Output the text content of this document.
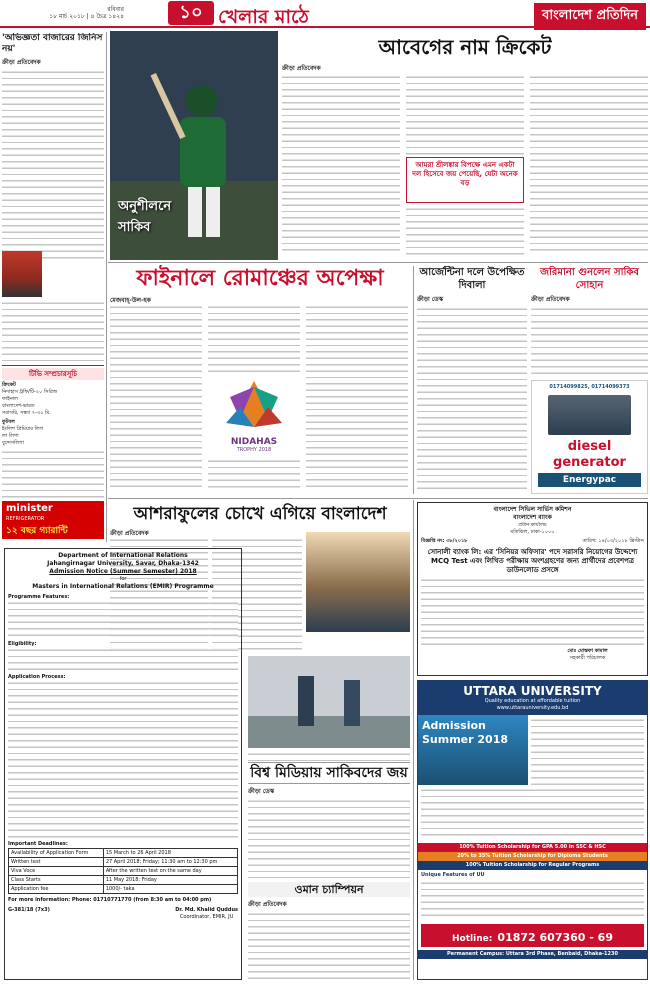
রবিবার
১৮ মার্চ ২০১৮ | ৪ চৈত্র ১৪২৪	১০ খেলার মাঠে	বাংলাদেশ প্রতিদিন
'অভিজ্ঞতা বাজারের জিনিস নয়'
ক্রীড়া প্রতিবেদক
টিভি সম্প্রচারসূচি
ক্রিকেট
নিদাহাস ট্রফি/টি-২০ সিরিজ
ফাইনাল
বাংলাদেশ-ভারত
সরাসরি, সন্ধ্যা ৭-৩০ মি.
ফুটবল
ইংলিশ প্রিমিয়ার লিগ
লা লিগা
বুন্দেসলিগা
minister
REFRIGERATOR
১২ বছর গ্যারান্টি
অনুশীলনে
সাকিব
আবেগের নাম ক্রিকেট
ক্রীড়া প্রতিবেদক
আমরা শ্রীলঙ্কার বিপক্ষে এমন একটা দল হিসেবে জয় পেয়েছি, যেটা অনেক বড়
ফাইনালে রোমাঞ্চের অপেক্ষা
মেজবাহ্-উল-হক
NIDAHAS
TROPHY 2018
আর্জেন্টিনা দলে উপেক্ষিত দিবালা
ক্রীড়া ডেস্ক
জরিমানা গুনলেন সাকিব সোহান
ক্রীড়া প্রতিবেদক
01714099825, 01714099373
diesel generator
Energypac
আশরাফুলের চোখে এগিয়ে বাংলাদেশ
ক্রীড়া প্রতিবেদক
Department of International Relations
Jahangirnagar University, Savar, Dhaka-1342
Admission Notice (Summer Semester) 2018
for
Masters in International Relations (EMIR) Programme
Programme Features:
Eligibility:
Application Process:
Important Deadlines:
Availability of Application Form	15 March to 26 April 2018
Written test	27 April 2018; Friday; 11:30 am to 12:30 pm
Viva Voce	After the written test on the same day
Class Starts	11 May 2018; Friday
Application fee	1000/- taka
For more information: Phone: 01710771770 (from 8:30 am to 04:00 pm)
G-381/18 (7x3)	Dr. Md. Khalid Quddus
Coordinator, EMIR, JU
বিশ্ব মিডিয়ায় সাকিবদের জয়
ক্রীড়া ডেস্ক
ওমান চ্যাম্পিয়ন
ক্রীড়া প্রতিবেদক
বাংলাদেশ সিভিল সার্ভিস কমিশন
বাংলাদেশ ব্যাংক
প্রধান কার্যালয়
মতিঝিল, ঢাকা-১০০০
বিজ্ঞপ্তি নং: ৩৮/২০১৮	তারিখ: ১৪/০৩/২০১৮ খ্রিস্টাব্দ
সোনালী ব্যাংক লি: এর 'সিনিয়র অফিসার' পদে সরাসরি নিয়োগের উদ্দেশ্যে MCQ Test এবং লিখিত পরীক্ষায় অংশগ্রহণের জন্য প্রার্থীদের প্রবেশপত্র ডাউনলোড প্রসঙ্গে
মোঃ মোস্তফা কামাল
সহকারী পরিচালক
UTTARA UNIVERSITY
Quality education at affordable tuition
www.uttarauniversity.edu.bd
Admission Summer 2018
100% Tuition Scholarship for GPA 5.00 in SSC & HSC
20% to 35% Tuition Scholarship for Diploma Students
100% Tuition Scholarship for Regular Programs
Unique Features of UU
Hotline: 01872 607360 - 69
Permanent Campus: Uttara 3rd Phase, Benbaid, Dhaka-1230
